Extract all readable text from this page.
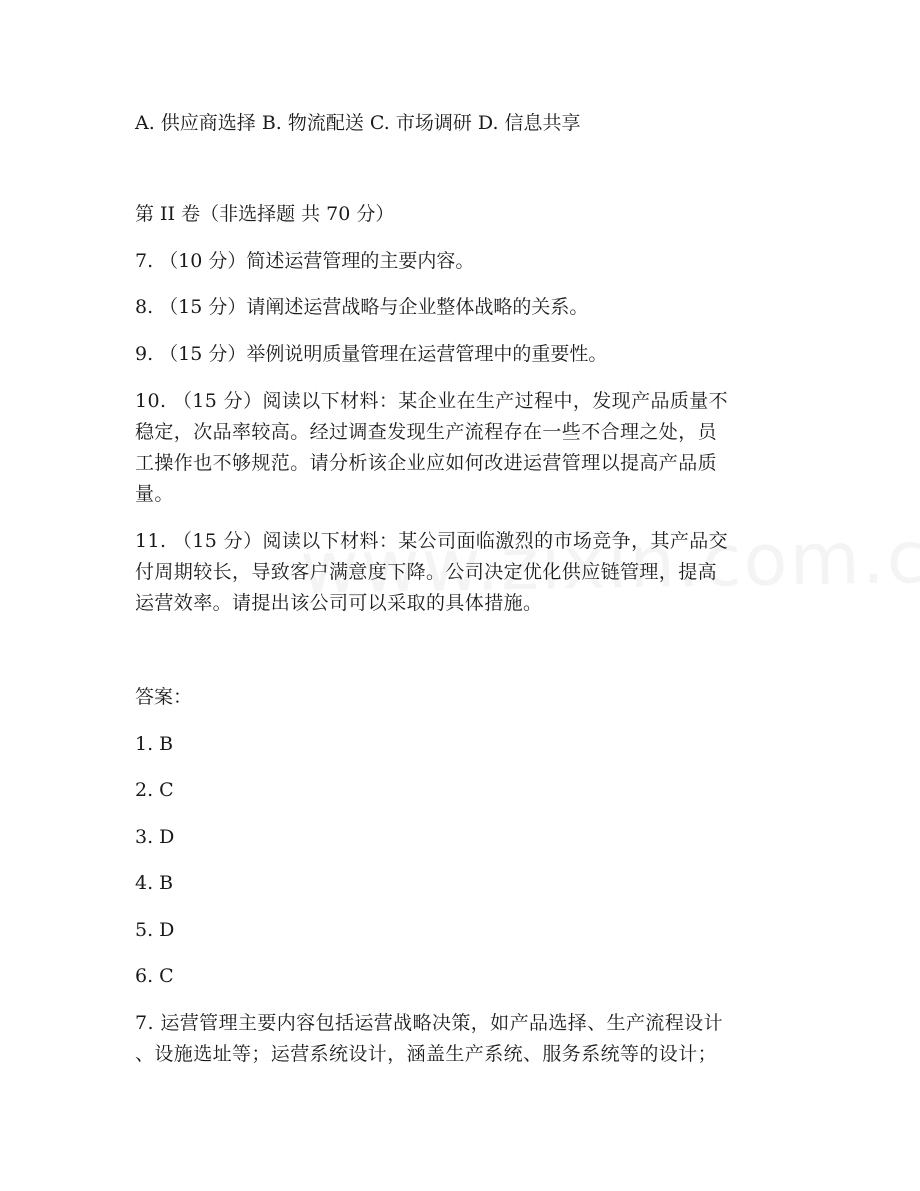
A. 供应商选择 B. 物流配送 C. 市场调研 D. 信息共享
第 II 卷（非选择题 共 70 分）
7. （10 分）简述运营管理的主要内容。
8. （15 分）请阐述运营战略与企业整体战略的关系。
9. （15 分）举例说明质量管理在运营管理中的重要性。
10. （15 分）阅读以下材料：某企业在生产过程中，发现产品质量不
稳定，次品率较高。经过调查发现生产流程存在一些不合理之处，员
工操作也不够规范。请分析该企业应如何改进运营管理以提高产品质
量。
11. （15 分）阅读以下材料：某公司面临激烈的市场竞争，其产品交
付周期较长，导致客户满意度下降。公司决定优化供应链管理，提高
运营效率。请提出该公司可以采取的具体措施。
答案：
1. B
2. C
3. D
4. B
5. D
6. C
7. 运营管理主要内容包括运营战略决策，如产品选择、生产流程设计
、设施选址等；运营系统设计，涵盖生产系统、服务系统等的设计；
